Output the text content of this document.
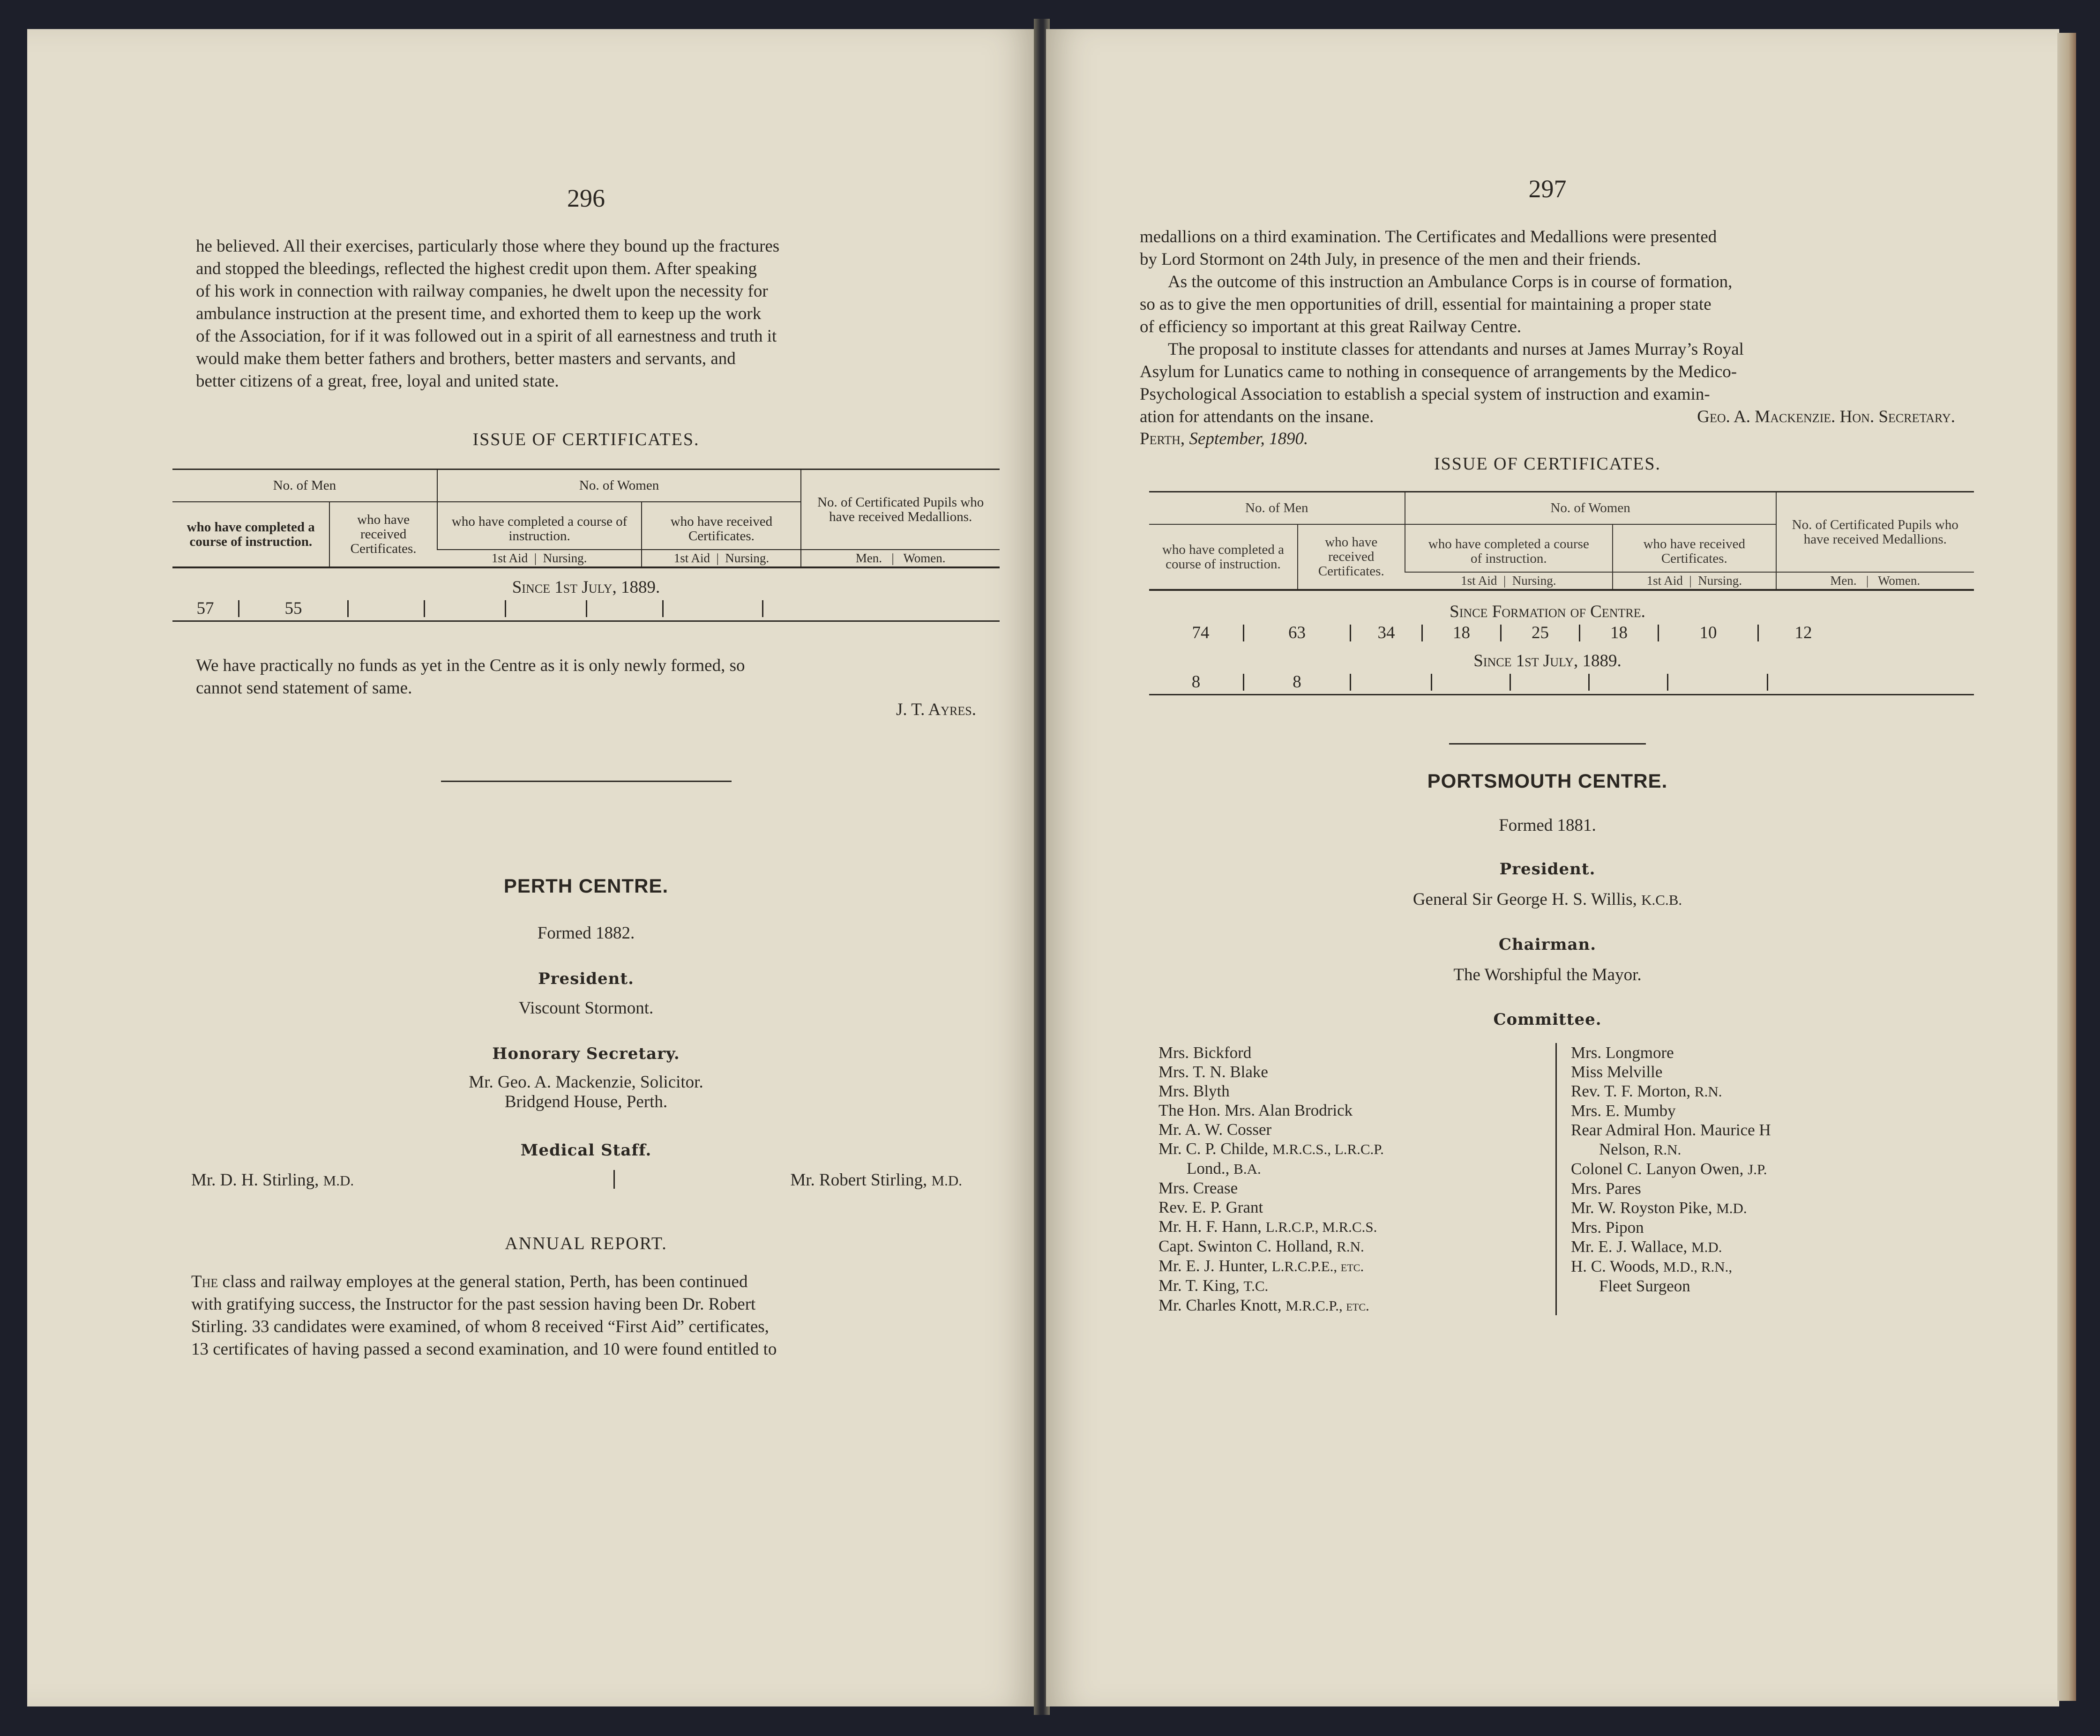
296

he believed. All their exercises, particularly those where they bound up the fractures

and stopped the bleedings, reflected the highest credit upon them. After speaking

of his work in connection with railway companies, he dwelt upon the necessity for

ambulance instruction at the present time, and exhorted them to keep up the work

of the Association, for if it was followed out in a spirit of all earnestness and truth it

would make them better fathers and brothers, better masters and servants, and

better citizens of a great, free, loyal and united state.

ISSUE OF CERTIFICATES.
No. of Men		No. of Women		No. of Certificated Pupils who have received Medallions.
who have completed a course of instruction.	who have received Certificates.	who have completed a course of instruction.	who have received Certificates.	
		1st Aid  |  Nursing.	1st Aid  |  Nursing.	Men.   |   Women.
Since 1st July, 1889.
57	55

We have practically no funds as yet in the Centre as it is only newly formed, so

cannot send statement of same.

J. T. Ayres.
PERTH CENTRE.
Formed 1882.
President.
Viscount Stormont.
Honorary Secretary.
Mr. Geo. A. Mackenzie, Solicitor.
Bridgend House, Perth.
Medical Staff.
Mr. D. H. Stirling, M.D.	Mr. Robert Stirling, M.D.
ANNUAL REPORT.

The class and railway employes at the general station, Perth, has been continued

with gratifying success, the Instructor for the past session having been Dr. Robert

Stirling. 33 candidates were examined, of whom 8 received “First Aid” certificates,

13 certificates of having passed a second examination, and 10 were found entitled to

297

medallions on a third examination. The Certificates and Medallions were presented

by Lord Stormont on 24th July, in presence of the men and their friends.

As the outcome of this instruction an Ambulance Corps is in course of formation,

so as to give the men opportunities of drill, essential for maintaining a proper state

of efficiency so important at this great Railway Centre.

The proposal to institute classes for attendants and nurses at James Murray’s Royal

Asylum for Lunatics came to nothing in consequence of arrangements by the Medico-

Psychological Association to establish a special system of instruction and examin-

ation for attendants on the insane.	Geo. A. Mackenzie. Hon. Secretary.
Perth, September, 1890.
ISSUE OF CERTIFICATES.
No. of Men		No. of Women		No. of Certificated Pupils who have received Medallions.
who have completed a course of instruction.	who have received Certificates.	who have completed a course of instruction.	who have received Certificates.	
		1st Aid  |  Nursing.	1st Aid  |  Nursing.	Men.   |   Women.
Since Formation of Centre.
74	63	34	18	25	18	10	12
Since 1st July, 1889.
8	8
PORTSMOUTH CENTRE.
Formed 1881.
President.
General Sir George H. S. Willis, K.C.B.
Chairman.
The Worshipful the Mayor.
Committee.
Mrs. Bickford
Mrs. T. N. Blake
Mrs. Blyth
The Hon. Mrs. Alan Brodrick
Mr. A. W. Cosser
Mr. C. P. Childe, M.R.C.S., L.R.C.P.
Lond., B.A.
Mrs. Crease
Rev. E. P. Grant
Mr. H. F. Hann, L.R.C.P., M.R.C.S.
Capt. Swinton C. Holland, R.N.
Mr. E. J. Hunter, L.R.C.P.E., etc.
Mr. T. King, T.C.
Mr. Charles Knott, M.R.C.P., etc.
Mrs. Longmore
Miss Melville
Rev. T. F. Morton, R.N.
Mrs. E. Mumby
Rear Admiral Hon. Maurice H
Nelson, R.N.
Colonel C. Lanyon Owen, J.P.
Mrs. Pares
Mr. W. Royston Pike, M.D.
Mrs. Pipon
Mr. E. J. Wallace, M.D.
H. C. Woods, M.D., R.N.,
Fleet Surgeon
